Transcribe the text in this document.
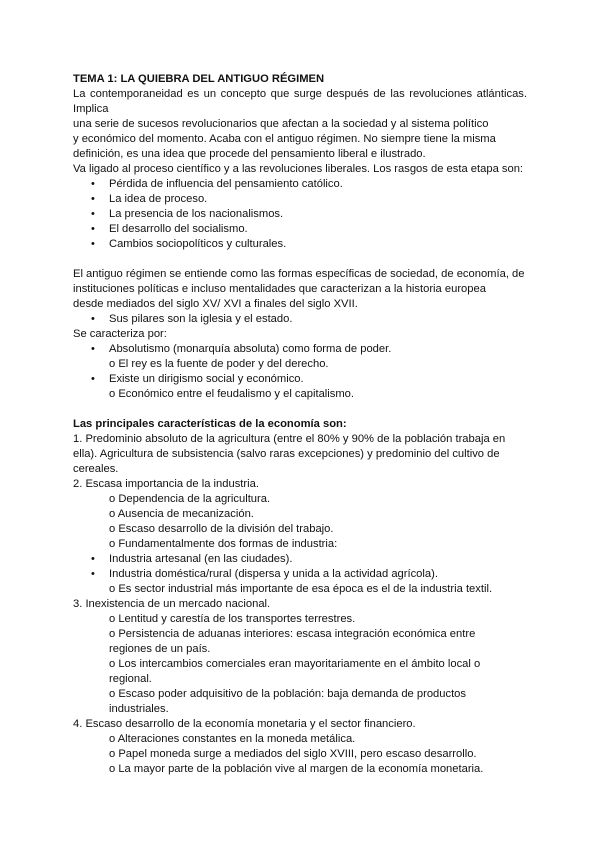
TEMA 1: LA QUIEBRA DEL ANTIGUO RÉGIMEN
La contemporaneidad es un concepto que surge después de las revoluciones atlánticas.
Implica
una serie de sucesos revolucionarios que afectan a la sociedad y al sistema político
y económico del momento. Acaba con el antiguo régimen. No siempre tiene la misma
definición, es una idea que procede del pensamiento liberal e ilustrado.
Va ligado al proceso científico y a las revoluciones liberales. Los rasgos de esta etapa son:
• Pérdida de influencia del pensamiento católico.
• La idea de proceso.
• La presencia de los nacionalismos.
• El desarrollo del socialismo.
• Cambios sociopolíticos y culturales.
El antiguo régimen se entiende como las formas específicas de sociedad, de economía, de
instituciones políticas e incluso mentalidades que caracterizan a la historia europea
desde mediados del siglo XV/ XVI a finales del siglo XVII.
• Sus pilares son la iglesia y el estado.
Se caracteriza por:
• Absolutismo (monarquía absoluta) como forma de poder.
o El rey es la fuente de poder y del derecho.
• Existe un dirigismo social y económico.
o Económico entre el feudalismo y el capitalismo.
Las principales características de la economía son:
1. Predominio absoluto de la agricultura (entre el 80% y 90% de la población trabaja en
ella). Agricultura de subsistencia (salvo raras excepciones) y predominio del cultivo de
cereales.
2. Escasa importancia de la industria.
o Dependencia de la agricultura.
o Ausencia de mecanización.
o Escaso desarrollo de la división del trabajo.
o Fundamentalmente dos formas de industria:
• Industria artesanal (en las ciudades).
• Industria doméstica/rural (dispersa y unida a la actividad agrícola).
o Es sector industrial más importante de esa época es el de la industria textil.
3. Inexistencia de un mercado nacional.
o Lentitud y carestía de los transportes terrestres.
o Persistencia de aduanas interiores: escasa integración económica entre
regiones de un país.
o Los intercambios comerciales eran mayoritariamente en el ámbito local o
regional.
o Escaso poder adquisitivo de la población: baja demanda de productos
industriales.
4. Escaso desarrollo de la economía monetaria y el sector financiero.
o Alteraciones constantes en la moneda metálica.
o Papel moneda surge a mediados del siglo XVIII, pero escaso desarrollo.
o La mayor parte de la población vive al margen de la economía monetaria.
